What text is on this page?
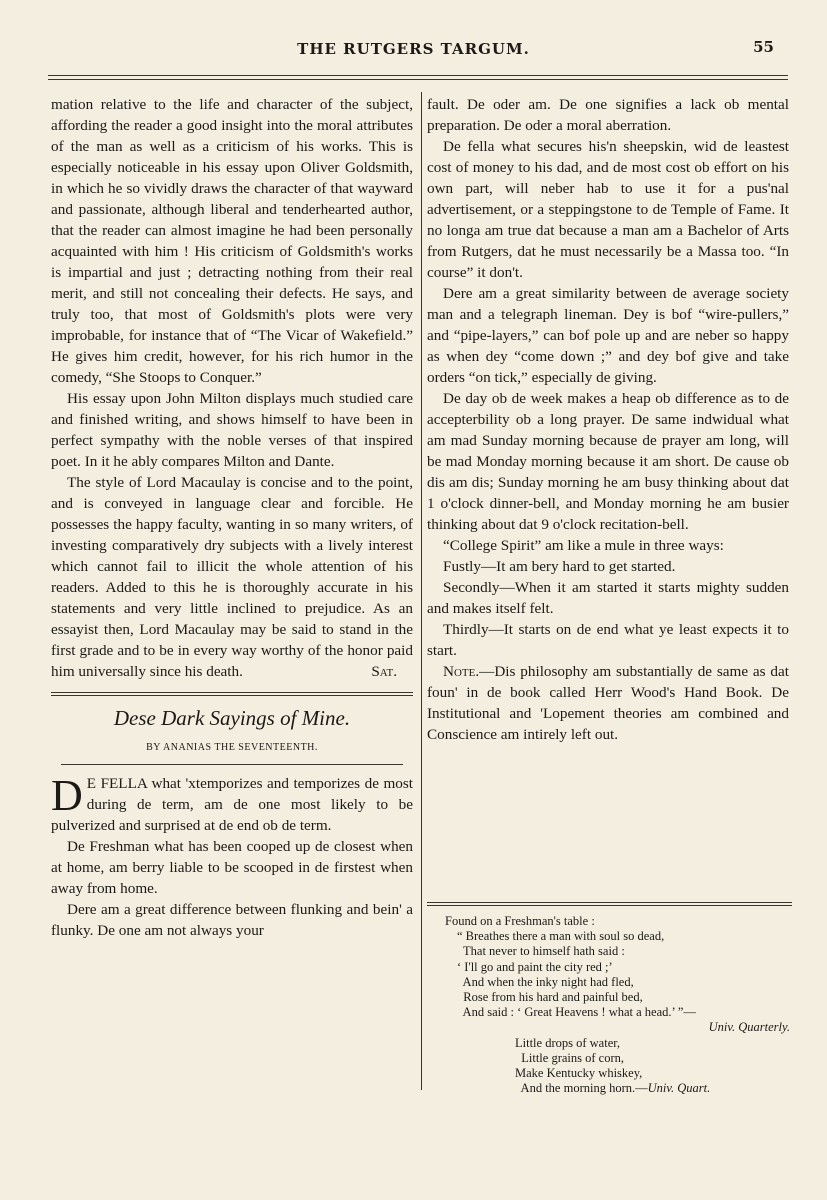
THE RUTGERS TARGUM.	55

mation relative to the life and character of the subject, affording the reader a good insight into the moral attributes of the man as well as a criticism of his works. This is especially noticeable in his essay upon Oliver Goldsmith, in which he so vividly draws the character of that wayward and passionate, although liberal and tenderhearted author, that the reader can almost imagine he had been personally acquainted with him ! His criticism of Goldsmith's works is impartial and just ; detracting nothing from their real merit, and still not concealing their defects. He says, and truly too, that most of Goldsmith's plots were very improbable, for instance that of “The Vicar of Wakefield.” He gives him credit, however, for his rich humor in the comedy, “She Stoops to Conquer.”

His essay upon John Milton displays much studied care and finished writing, and shows himself to have been in perfect sympathy with the noble verses of that inspired poet. In it he ably compares Milton and Dante.

The style of Lord Macaulay is concise and to the point, and is conveyed in language clear and forcible. He possesses the happy faculty, wanting in so many writers, of investing comparatively dry subjects with a lively interest which cannot fail to illicit the whole attention of his readers. Added to this he is thoroughly accurate in his statements and very little inclined to prejudice. As an essayist then, Lord Macaulay may be said to stand in the first grade and to be in every way worthy of the honor paid him universally since his death.	Sat.

Dese Dark Sayings of Mine.
BY ANANIAS THE SEVENTEENTH.

D E FELLA what 'xtemporizes and temporizes de most during de term, am de one most likely to be pulverized and surprised at de end ob de term.

De Freshman what has been cooped up de closest when at home, am berry liable to be scooped in de firstest when away from home.

Dere am a great difference between flunking and bein' a flunky. De one am not always your

fault. De oder am. De one signifies a lack ob mental preparation. De oder a moral aberration.

De fella what secures his'n sheepskin, wid de leastest cost of money to his dad, and de most cost ob effort on his own part, will neber hab to use it for a pus'nal advertisement, or a steppingstone to de Temple of Fame. It no longa am true dat because a man am a Bachelor of Arts from Rutgers, dat he must necessarily be a Massa too. “In course” it don't.

Dere am a great similarity between de average society man and a telegraph lineman. Dey is bof “wire-pullers,” and “pipe-layers,” can bof pole up and are neber so happy as when dey “come down ;” and dey bof give and take orders “on tick,” especially de giving.

De day ob de week makes a heap ob difference as to de accepterbility ob a long prayer. De same indwidual what am mad Sunday morning because de prayer am long, will be mad Monday morning because it am short. De cause ob dis am dis; Sunday morning he am busy thinking about dat 1 o'clock dinner-bell, and Monday morning he am busier thinking about dat 9 o'clock recitation-bell.

“College Spirit” am like a mule in three ways:

Fustly—It am bery hard to get started.

Secondly—When it am started it starts mighty sudden and makes itself felt.

Thirdly—It starts on de end what ye least expects it to start.

Note.—Dis philosophy am substantially de same as dat foun' in de book called Herr Wood's Hand Book. De Institutional and 'Lopement theories am combined and Conscience am intirely left out.

Found on a Freshman's table :
“ Breathes there a man with soul so dead,
That never to himself hath said :
‘ I'll go and paint the city red ;’
And when the inky night had fled,
Rose from his hard and painful bed,
And said : ‘ Great Heavens ! what a head.’ ”—
Univ. Quarterly.
Little drops of water,
Little grains of corn,
Make Kentucky whiskey,
And the morning horn.—Univ. Quart.
